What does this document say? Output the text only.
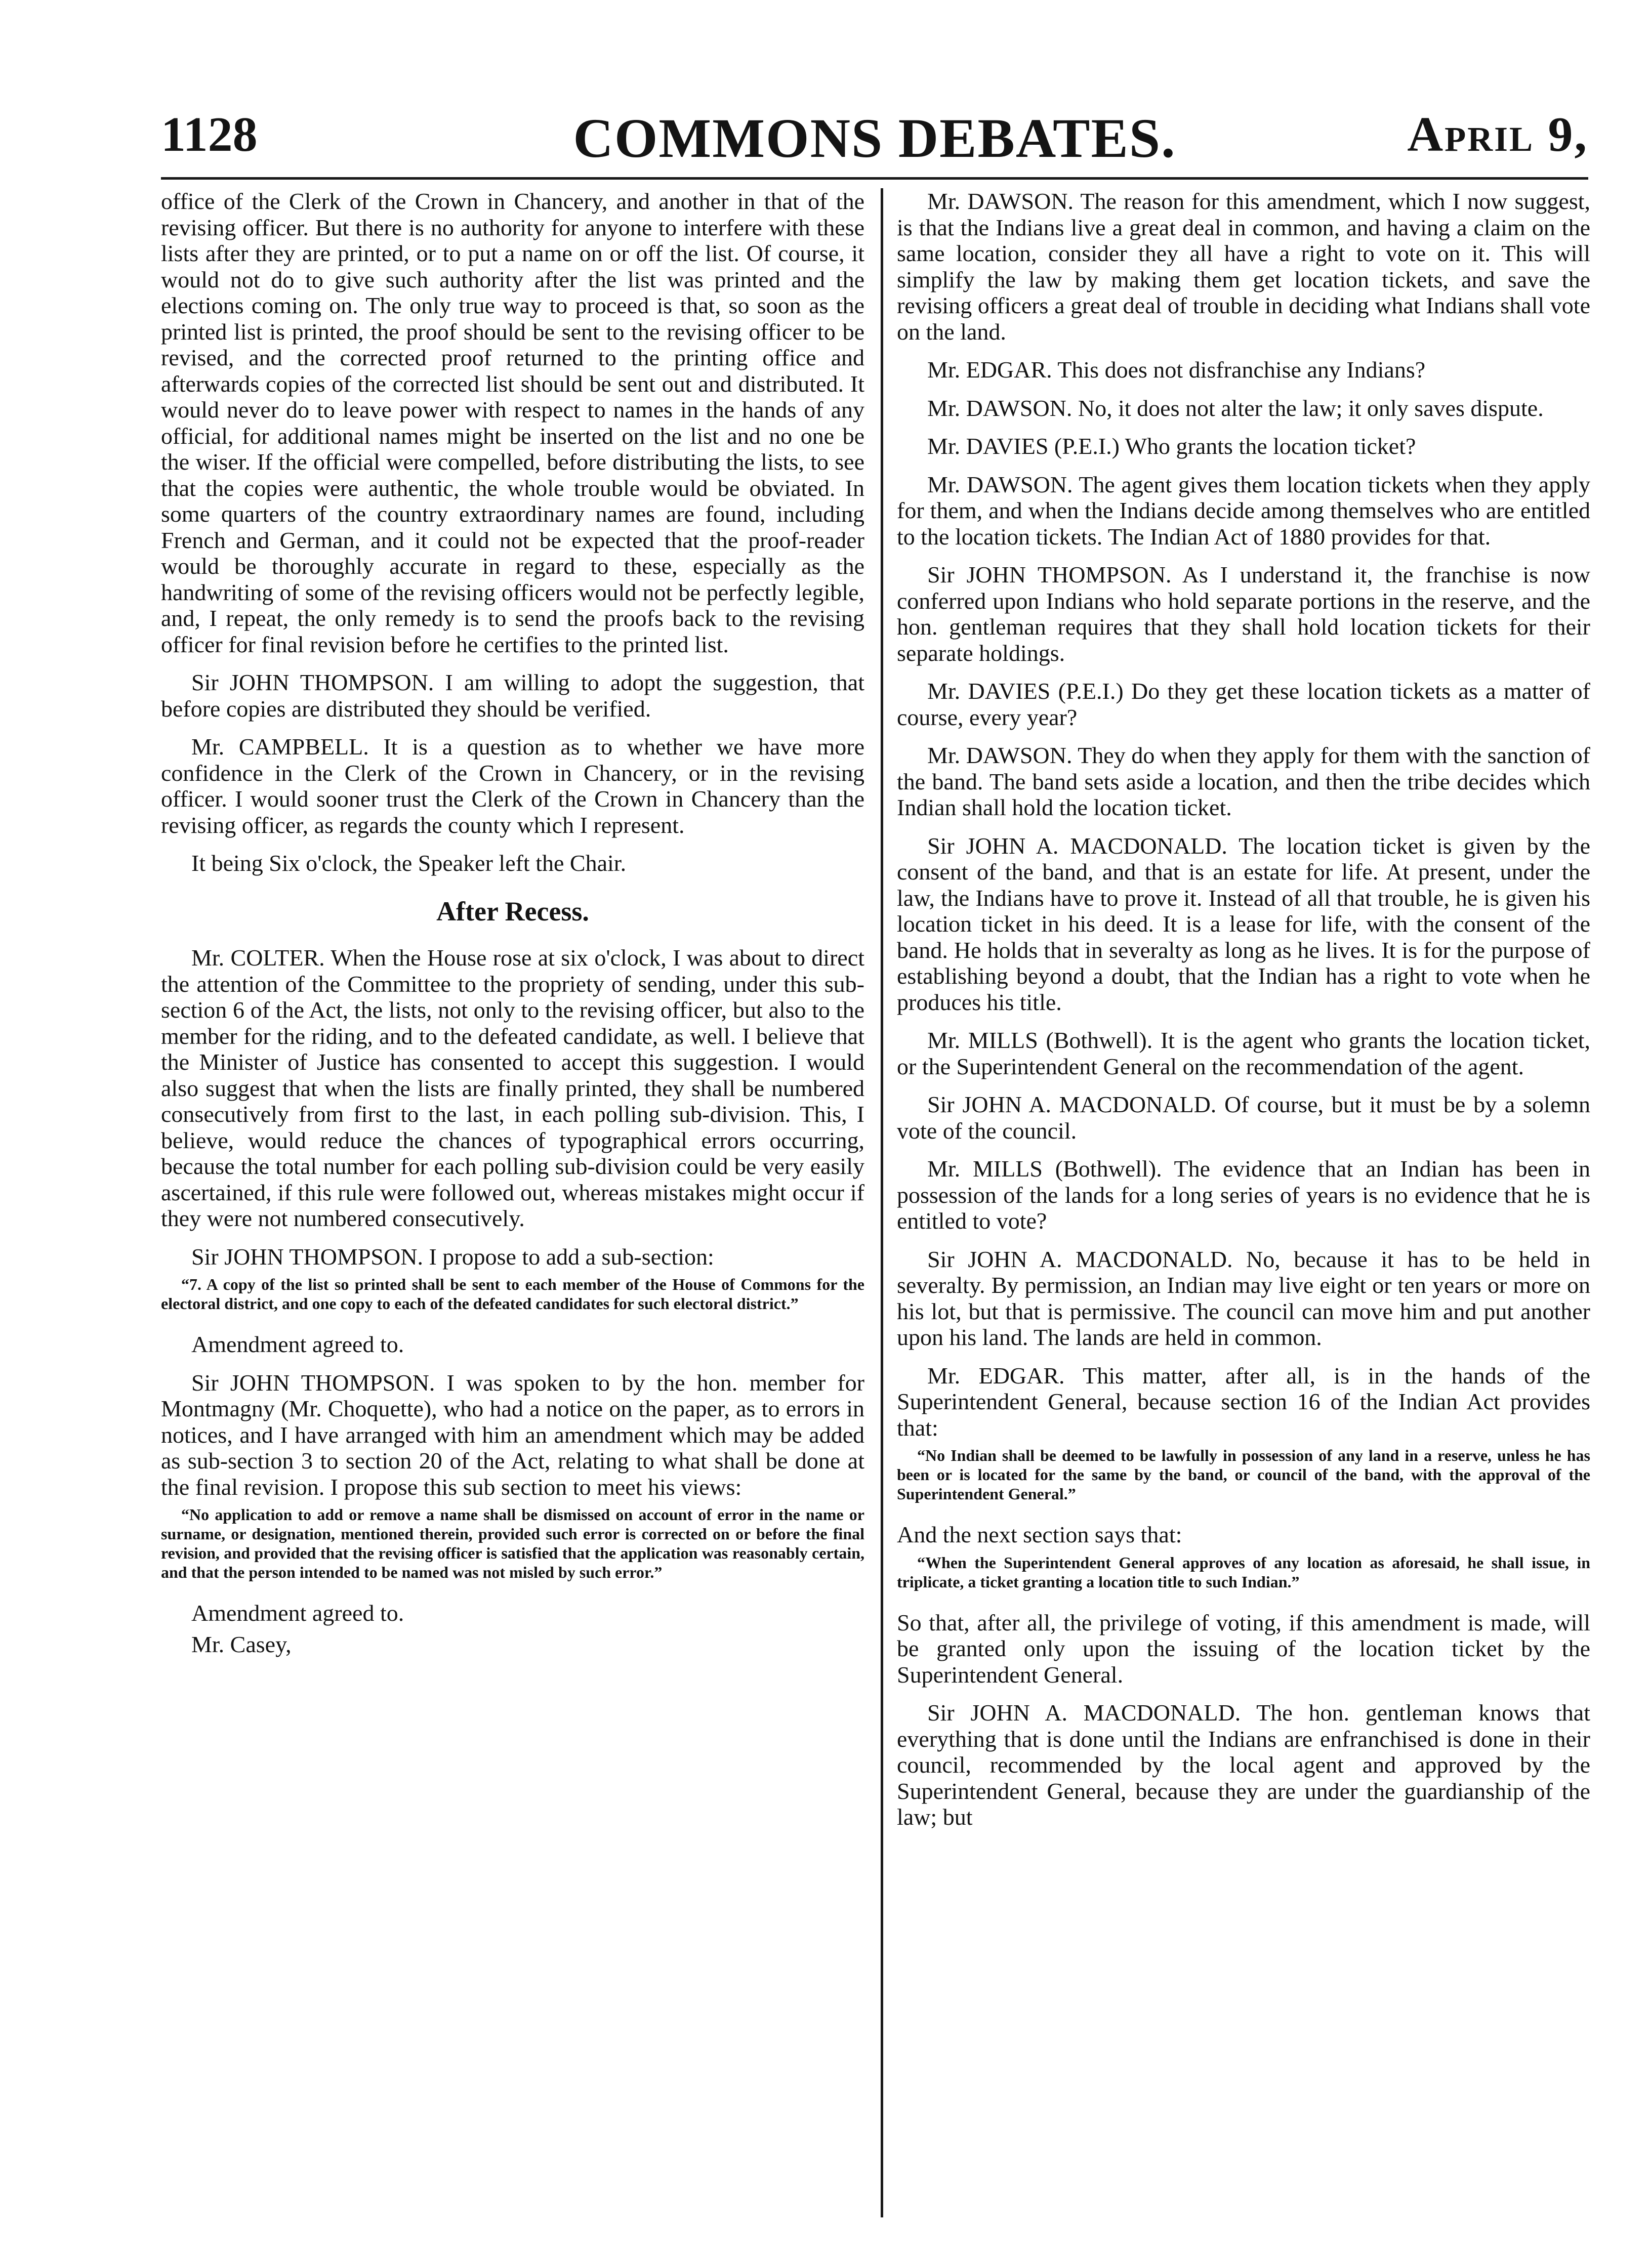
1128	COMMONS DEBATES.	April 9,

office of the Clerk of the Crown in Chancery, and another in that of the revising officer. But there is no authority for anyone to interfere with these lists after they are printed, or to put a name on or off the list. Of course, it would not do to give such authority after the list was printed and the elections coming on. The only true way to proceed is that, so soon as the printed list is printed, the proof should be sent to the revising officer to be revised, and the corrected proof returned to the printing office and afterwards copies of the corrected list should be sent out and distributed. It would never do to leave power with respect to names in the hands of any official, for additional names might be inserted on the list and no one be the wiser. If the official were compelled, before distributing the lists, to see that the copies were authentic, the whole trouble would be obviated. In some quarters of the country extraordinary names are found, including French and German, and it could not be expected that the proof-reader would be thoroughly accurate in regard to these, especially as the handwriting of some of the revising officers would not be perfectly legible, and, I repeat, the only remedy is to send the proofs back to the revising officer for final revision before he certifies to the printed list.

Sir JOHN THOMPSON. I am willing to adopt the suggestion, that before copies are distributed they should be verified.

Mr. CAMPBELL. It is a question as to whether we have more confidence in the Clerk of the Crown in Chancery, or in the revising officer. I would sooner trust the Clerk of the Crown in Chancery than the revising officer, as regards the county which I represent.

It being Six o'clock, the Speaker left the Chair.

After Recess.

Mr. COLTER. When the House rose at six o'clock, I was about to direct the attention of the Committee to the propriety of sending, under this sub-section 6 of the Act, the lists, not only to the revising officer, but also to the member for the riding, and to the defeated candidate, as well. I believe that the Minister of Justice has consented to accept this suggestion. I would also suggest that when the lists are finally printed, they shall be numbered consecutively from first to the last, in each polling sub-division. This, I believe, would reduce the chances of typographical errors occurring, because the total number for each polling sub-division could be very easily ascertained, if this rule were followed out, whereas mistakes might occur if they were not numbered consecutively.

Sir JOHN THOMPSON. I propose to add a sub-section:

“7. A copy of the list so printed shall be sent to each member of the House of Commons for the electoral district, and one copy to each of the defeated candidates for such electoral district.”

Amendment agreed to.

Sir JOHN THOMPSON. I was spoken to by the hon. member for Montmagny (Mr. Choquette), who had a notice on the paper, as to errors in notices, and I have arranged with him an amendment which may be added as sub-section 3 to section 20 of the Act, relating to what shall be done at the final revision. I propose this sub section to meet his views:

“No application to add or remove a name shall be dismissed on account of error in the name or surname, or designation, mentioned therein, provided such error is corrected on or before the final revision, and provided that the revising officer is satisfied that the application was reasonably certain, and that the person intended to be named was not misled by such error.”

Amendment agreed to.

Mr. Casey,

Mr. DAWSON. The reason for this amendment, which I now suggest, is that the Indians live a great deal in common, and having a claim on the same location, consider they all have a right to vote on it. This will simplify the law by making them get location tickets, and save the revising officers a great deal of trouble in deciding what Indians shall vote on the land.

Mr. EDGAR. This does not disfranchise any Indians?

Mr. DAWSON. No, it does not alter the law; it only saves dispute.

Mr. DAVIES (P.E.I.) Who grants the location ticket?

Mr. DAWSON. The agent gives them location tickets when they apply for them, and when the Indians decide among themselves who are entitled to the location tickets. The Indian Act of 1880 provides for that.

Sir JOHN THOMPSON. As I understand it, the franchise is now conferred upon Indians who hold separate portions in the reserve, and the hon. gentleman requires that they shall hold location tickets for their separate holdings.

Mr. DAVIES (P.E.I.) Do they get these location tickets as a matter of course, every year?

Mr. DAWSON. They do when they apply for them with the sanction of the band. The band sets aside a location, and then the tribe decides which Indian shall hold the location ticket.

Sir JOHN A. MACDONALD. The location ticket is given by the consent of the band, and that is an estate for life. At present, under the law, the Indians have to prove it. Instead of all that trouble, he is given his location ticket in his deed. It is a lease for life, with the consent of the band. He holds that in severalty as long as he lives. It is for the purpose of establishing beyond a doubt, that the Indian has a right to vote when he produces his title.

Mr. MILLS (Bothwell). It is the agent who grants the location ticket, or the Superintendent General on the recommendation of the agent.

Sir JOHN A. MACDONALD. Of course, but it must be by a solemn vote of the council.

Mr. MILLS (Bothwell). The evidence that an Indian has been in possession of the lands for a long series of years is no evidence that he is entitled to vote?

Sir JOHN A. MACDONALD. No, because it has to be held in severalty. By permission, an Indian may live eight or ten years or more on his lot, but that is permissive. The council can move him and put another upon his land. The lands are held in common.

Mr. EDGAR. This matter, after all, is in the hands of the Superintendent General, because section 16 of the Indian Act provides that:

“No Indian shall be deemed to be lawfully in possession of any land in a reserve, unless he has been or is located for the same by the band, or council of the band, with the approval of the Superintendent General.”

And the next section says that:

“When the Superintendent General approves of any location as aforesaid, he shall issue, in triplicate, a ticket granting a location title to such Indian.”

So that, after all, the privilege of voting, if this amendment is made, will be granted only upon the issuing of the location ticket by the Superintendent General.

Sir JOHN A. MACDONALD. The hon. gentleman knows that everything that is done until the Indians are enfranchised is done in their council, recommended by the local agent and approved by the Superintendent General, because they are under the guardianship of the law; but
